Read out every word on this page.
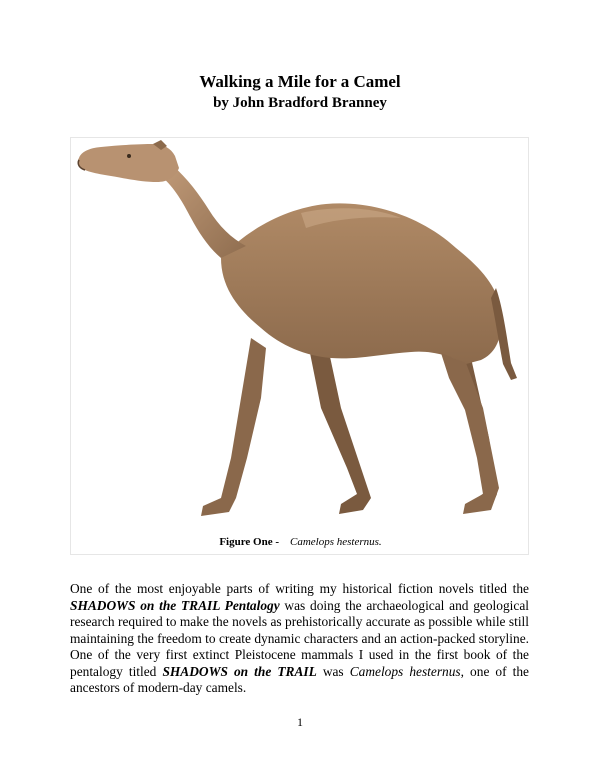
Walking a Mile for a Camel
by John Bradford Branney
Figure One - Camelops hesternus.
One of the most enjoyable parts of writing my historical fiction novels titled the SHADOWS on the TRAIL Pentalogy was doing the archaeological and geological research required to make the novels as prehistorically accurate as possible while still maintaining the freedom to create dynamic characters and an action-packed storyline. One of the very first extinct Pleistocene mammals I used in the first book of the pentalogy titled SHADOWS on the TRAIL was Camelops hesternus, one of the ancestors of modern-day camels.
1
